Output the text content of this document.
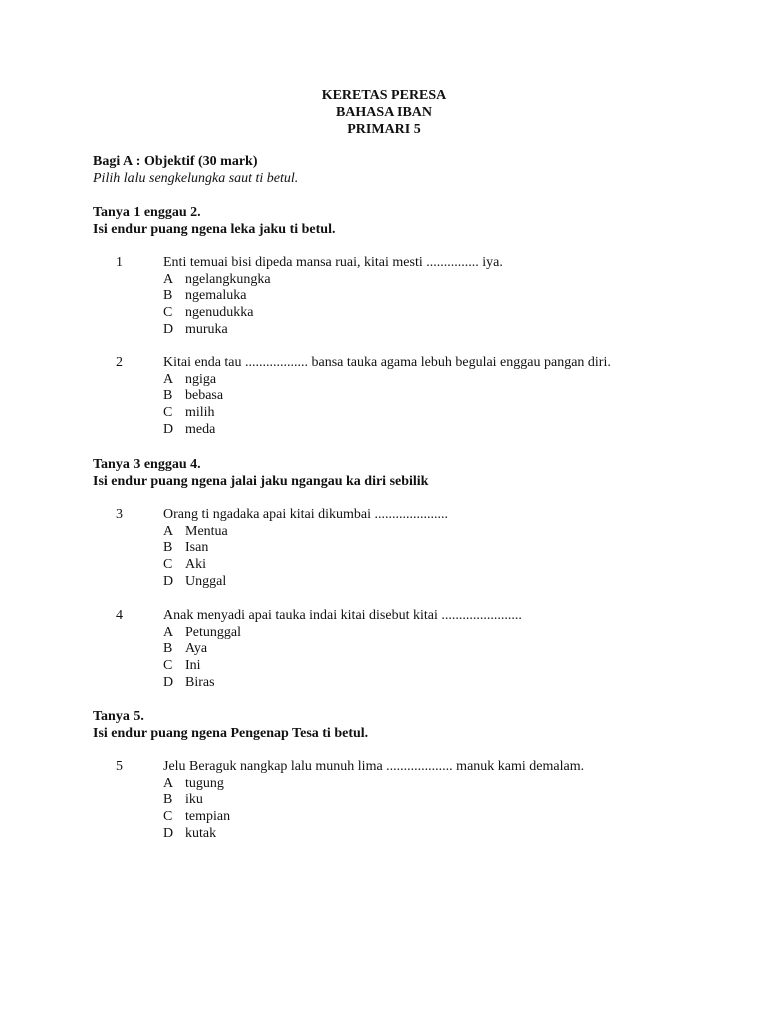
KERETAS PERESA
BAHASA IBAN
PRIMARI 5
Bagi A : Objektif (30 mark)
Pilih lalu sengkelungka saut ti betul.
Tanya 1 enggau 2.
Isi endur puang ngena leka jaku ti betul.
1	Enti temuai bisi dipeda mansa ruai, kitai mesti ............... iya.
A ngelangkungka
B ngemaluka
C ngenudukka
D muruka
2	Kitai enda tau .................. bansa tauka agama lebuh begulai enggau pangan diri.
A ngiga
B bebasa
C milih
D meda
Tanya 3 enggau 4.
Isi endur puang ngena jalai jaku ngangau ka diri sebilik
3	Orang ti ngadaka apai kitai dikumbai .....................
A Mentua
B Isan
C Aki
D Unggal
4	Anak menyadi apai tauka indai kitai disebut kitai .......................
A Petunggal
B Aya
C Ini
D Biras
Tanya 5.
Isi endur puang ngena Pengenap Tesa ti betul.
5	Jelu Beraguk nangkap lalu munuh lima ................... manuk kami demalam.
A tugung
B iku
C tempian
D kutak
